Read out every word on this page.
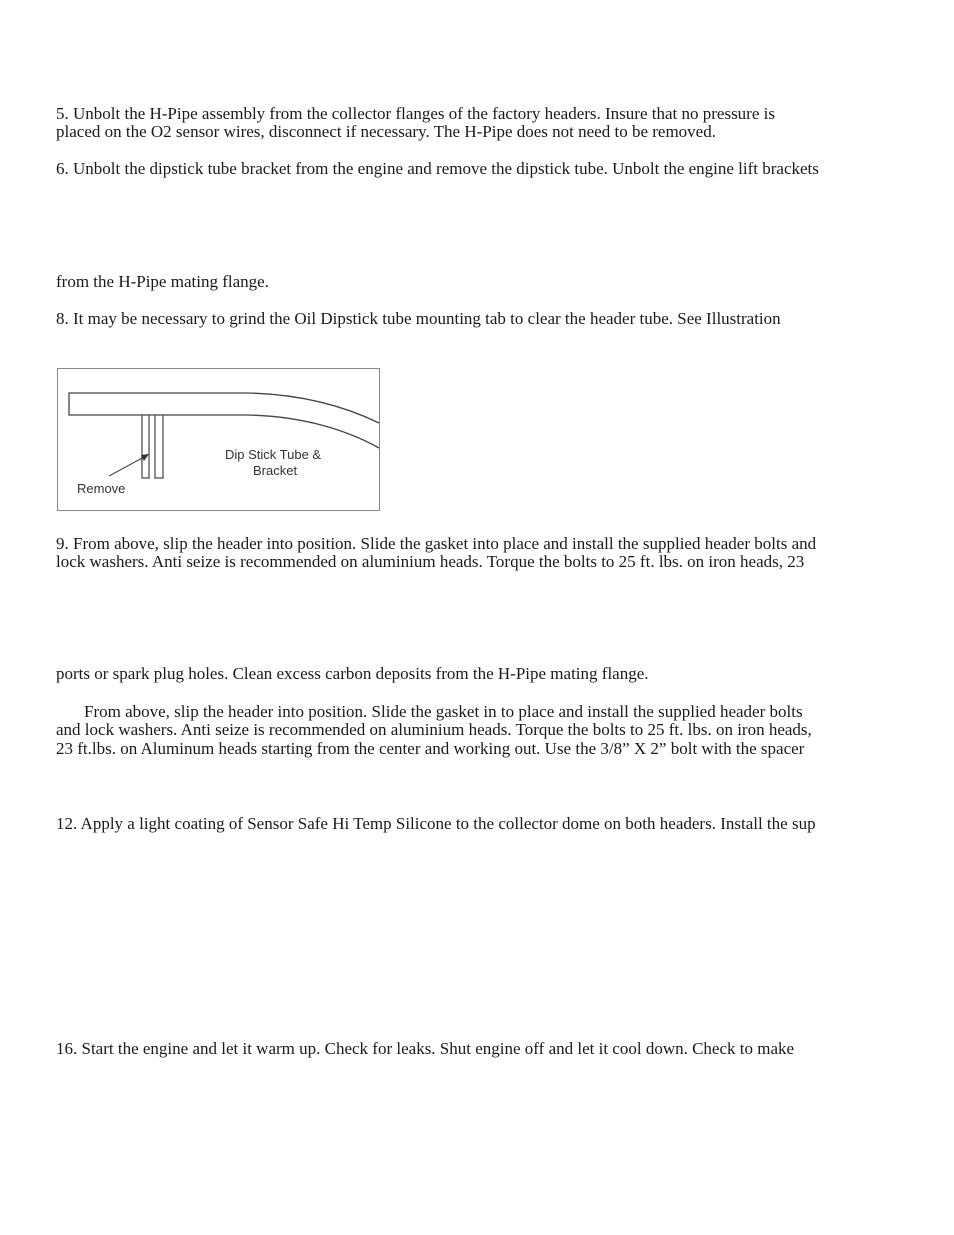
5. Unbolt the H-Pipe assembly from the collector flanges of the factory headers. Insure that no pressure is
placed on the O2 sensor wires, disconnect if necessary. The H-Pipe does not need to be removed.
6. Unbolt the dipstick tube bracket from the engine and remove the dipstick tube. Unbolt the engine lift brackets
from the H-Pipe mating flange.
8. It may be necessary to grind the Oil Dipstick tube mounting tab to clear the header tube. See Illustration
Dip Stick Tube &
Bracket
Remove
9. From above, slip the header into position. Slide the gasket into place and install the supplied header bolts and
lock washers. Anti seize is recommended on aluminium heads. Torque the bolts to 25 ft. lbs. on iron heads, 23
ports or spark plug holes. Clean excess carbon deposits from the H-Pipe mating flange.
From above, slip the header into position. Slide the gasket in to place and install the supplied header bolts
and lock washers. Anti seize is recommended on aluminium heads. Torque the bolts to 25 ft. lbs. on iron heads,
23 ft.lbs. on Aluminum heads starting from the center and working out. Use the 3/8” X 2” bolt with the spacer
12. Apply a light coating of Sensor Safe Hi Temp Silicone to the collector dome on both headers. Install the sup
16. Start the engine and let it warm up. Check for leaks. Shut engine off and let it cool down. Check to make
